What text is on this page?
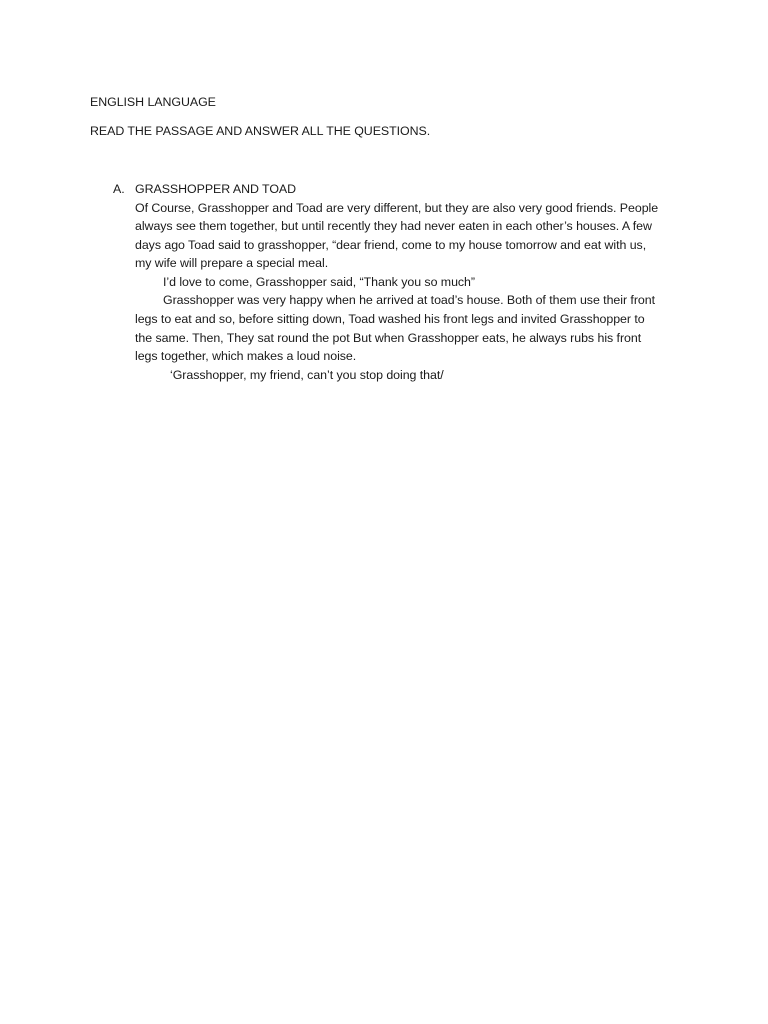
ENGLISH LANGUAGE
READ THE PASSAGE AND ANSWER ALL THE QUESTIONS.
A. GRASSHOPPER AND TOAD
Of Course, Grasshopper and Toad are very different, but they are also very good friends. People
always see them together, but until recently they had never eaten in each other’s houses. A few
days ago Toad said to grasshopper, “dear friend, come to my house tomorrow and eat with us,
my wife will prepare a special meal.
I’d love to come, Grasshopper said, “Thank you so much”
Grasshopper was very happy when he arrived at toad’s house. Both of them use their front
legs to eat and so, before sitting down, Toad washed his front legs and invited Grasshopper to
the same. Then, They sat round the pot But when Grasshopper eats, he always rubs his front
legs together, which makes a loud noise.
‘Grasshopper, my friend, can’t you stop doing that/
